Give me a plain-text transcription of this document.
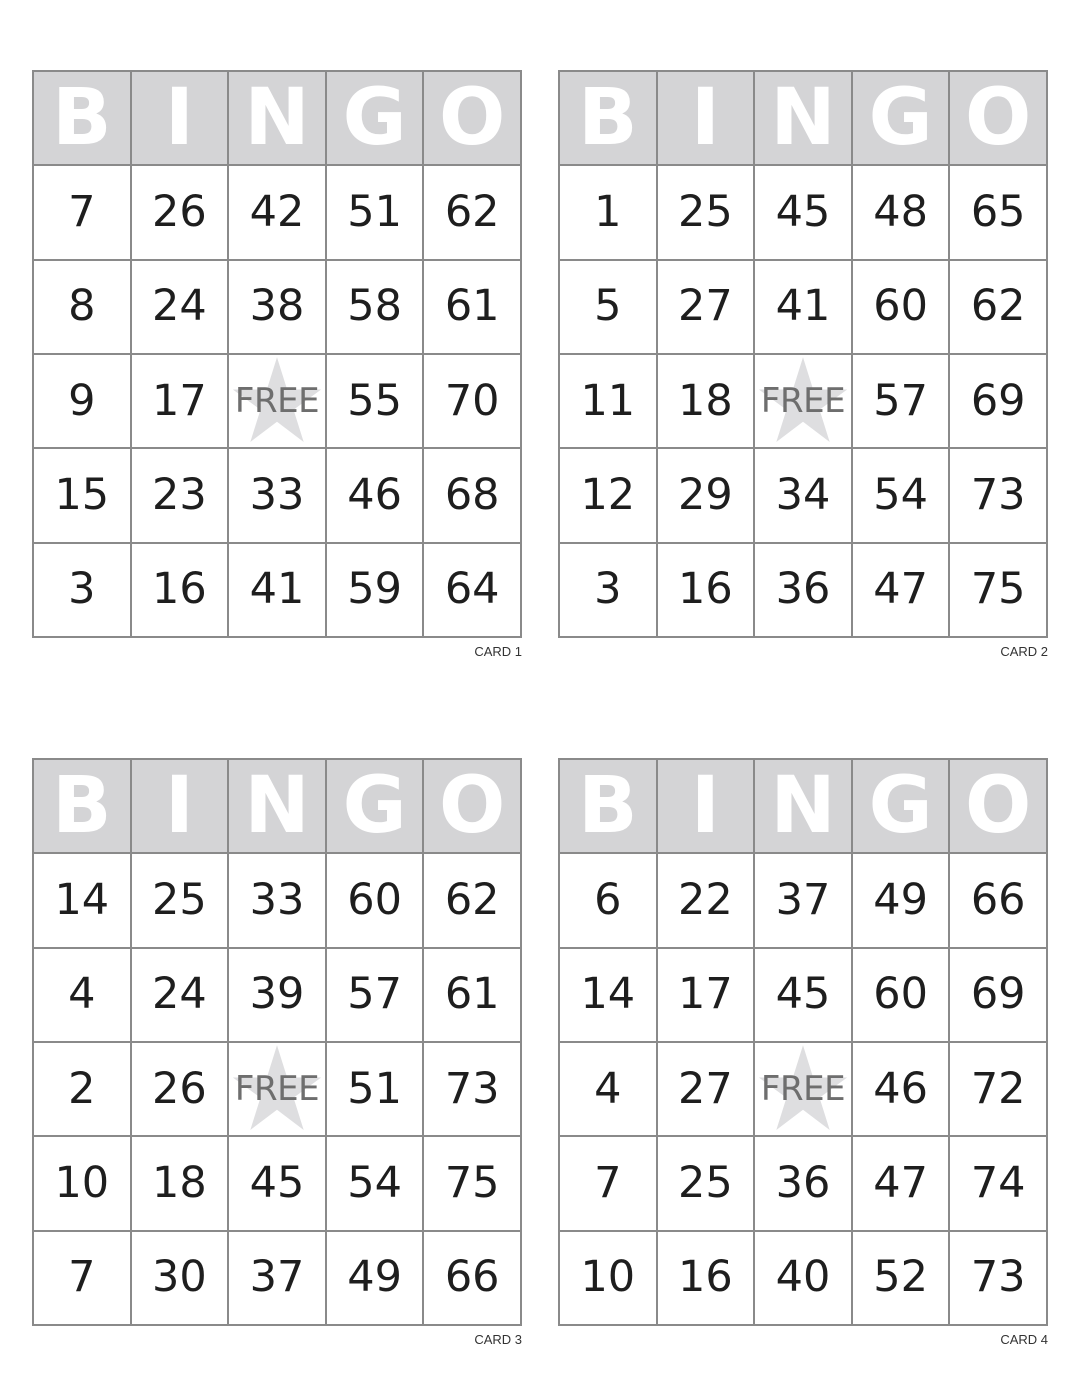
B I N G O
7	26 42 51 62
8	24 38 58 61
9	17 FREE 55 70
15 23 33 46 68
3	16 41 59 64
CARD 1
B I N G O
1	25 45 48 65
5	27 41 60 62
11 18 FREE 57 69
12 29 34 54 73
3	16 36 47 75
CARD 2
B I N G O
14 25 33 60 62
4	24 39 57 61
2	26 FREE 51 73
10 18 45 54 75
7	30 37 49 66
CARD 3
B I N G O
6	22 37 49 66
14 17 45 60 69
4	27 FREE 46 72
7	25 36 47 74
10 16 40 52 73
CARD 4
